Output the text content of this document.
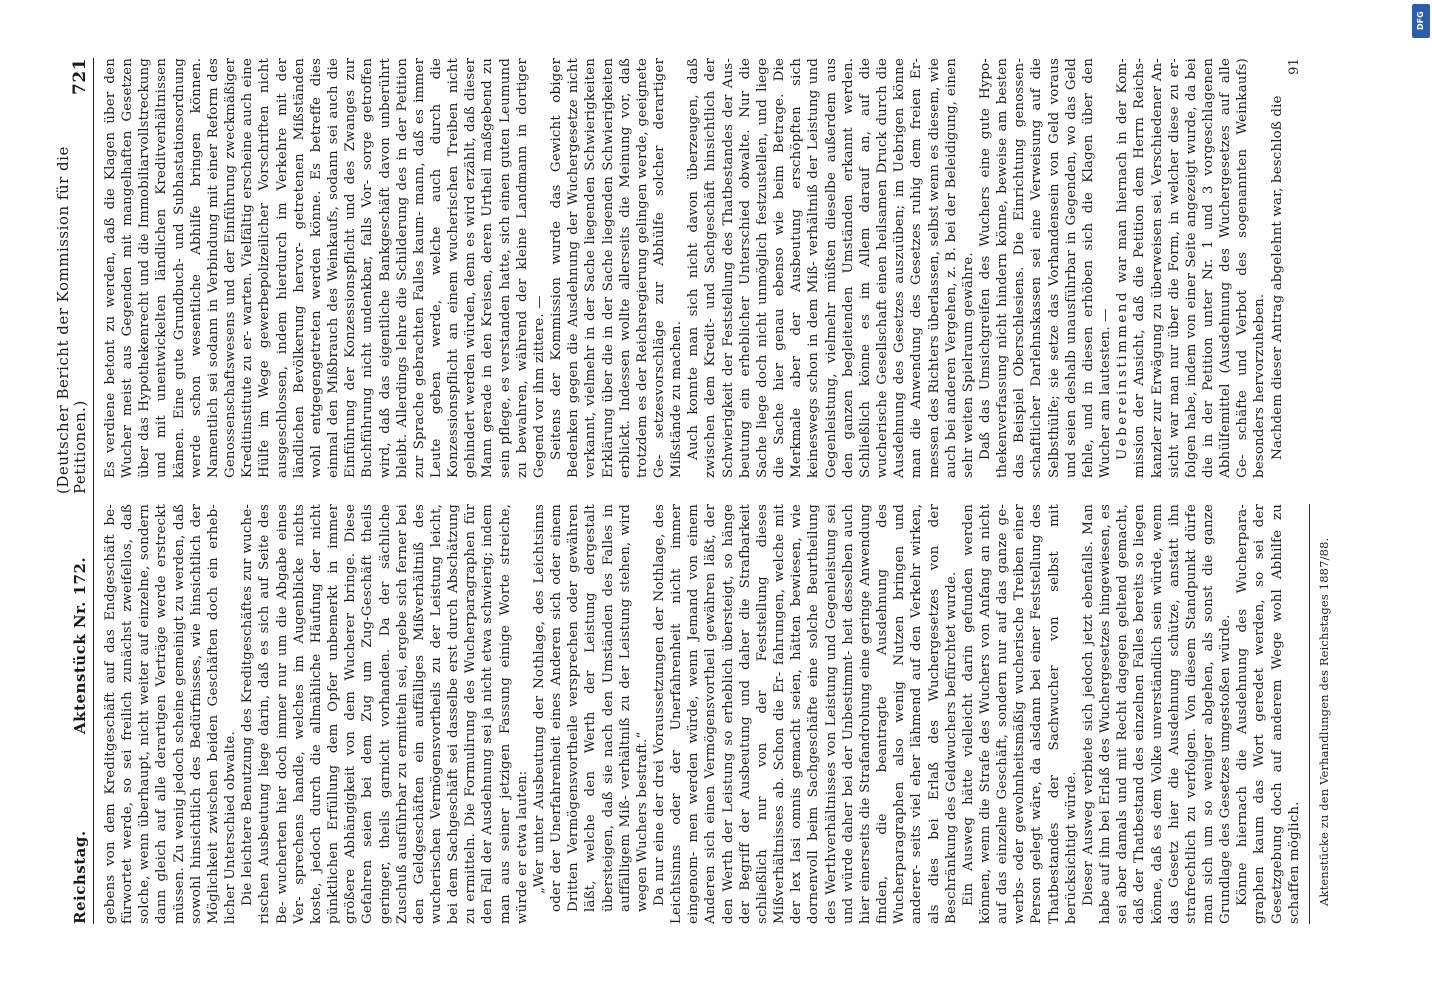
Reichstag.
Aktenstück Nr. 172.
(Deutscher Bericht der Kommission für die Petitionen.)
721

gebens von dem Kreditgeschäft auf das Endgeschäft be- fürwortet werde, so sei freilich zunächst zweifellos, daß solche, wenn überhaupt, nicht weiter auf einzelne, sondern dann gleich auf alle derartigen Verträge werde erstreckt müssen. Zu wenig jedoch scheine gemeinigt zu werden, daß sowohl hinsichtlich des Bedürfnisses, wie hinsichtlich der Möglichkeit zwischen beiden Geschäften doch ein erheb- licher Unterschied obwalte. Die leichtere Benutzung des Kreditgeschäftes zur wuche- rischen Ausbeutung liege darin, daß es sich auf Seite des Be- wucherten hier doch immer nur um die Abgabe eines Ver- sprechens handle, welches im Augenblicke nichts koste, jedoch durch die allmähliche Häufung der nicht pünktlichen Erfüllung dem Opfer unbemerkt in immer größere Abhängigkeit von dem Wucherer bringe. Diese Gefahren seien bei dem Zug um Zug-Geschäft theils geringer, theils garnicht vorhanden. Da der sächliche Zuschuß ausführbar zu ermitteln sei, ergebe sich ferner bei den Geldgeschäften ein auffälliges Mißverhältniß des wucherischen Vermögensvortheils zu der Leistung leicht, bei dem Sachgeschäft sei dasselbe erst durch Abschätzung zu ermitteln. Die Formulirung des Wucherparagraphen für den Fall der Ausdehnung sei ja nicht etwa schwierig; indem man aus seiner jetzigen Fassung einige Worte streiche, würde er etwa lauten: „Wer unter Ausbeutung der Nothlage, des Leichtsinns oder der Unerfahrenheit eines Anderen sich oder einem Dritten Vermögensvortheile versprechen oder gewähren läßt, welche den Werth der Leistung dergestalt übersteigen, daß sie nach den Umständen des Falles in auffälligem Miß- verhältniß zu der Leistung stehen, wird wegen Wuchers bestraft.“ Da nur eine der drei Voraussetzungen der Nothlage, des Leichtsinns oder der Unerfahrenheit nicht immer eingenom- men werden würde, wenn Jemand von einem Anderen sich einen Vermögensvortheil gewähren läßt, der den Werth der Leistung so erheblich übersteigt, so hänge der Begriff der Ausbeutung und daher die Strafbarkeit schließlich nur von der Feststellung dieses Mißverhältnisses ab. Schon die Er- fahrungen, welche mit der lex Iasi omnis gemacht seien, hätten bewiesen, wie dornenvoll beim Sachgeschäfte eine solche Beurtheilung des Werthverhältnisses von Leistung und Gegenleistung sei und würde daher bei der Unbestimmt- heit desselben auch hier einerseits die Strafandrohung eine geringe Anwendung finden, die beantragte Ausdehnung des Wucherparagraphen also wenig Nutzen bringen und anderer- seits viel eher lähmend auf den Verkehr wirken, als dies bei Erlaß des Wuchergesetzes von der Beschränkung des Geldwuchers befürchtet wurde. Ein Ausweg hätte vielleicht darin gefunden werden können, wenn die Strafe des Wuchers von Anfang an nicht auf das einzelne Geschäft, sondern nur auf das ganze ge- werbs- oder gewohnheitsmäßig wucherische Treiben einer Person gelegt wäre, da alsdann bei einer Feststellung des Thatbestandes der Sachwucher von selbst mit berücksichtigt würde. Dieser Ausweg verbiete sich jedoch jetzt ebenfalls. Man habe auf ihn bei Erlaß des Wuchergesetzes hingewiesen, es sei aber damals und mit Recht dagegen geltend gemacht, daß der Thatbestand des einzelnen Falles bereits so liegen könne, daß es dem Volke unverständlich sein würde, wenn das Gesetz hier die Ausdehnung schütze, anstatt ihn strafrechtlich zu verfolgen. Von diesem Standpunkt dürfe man sich um so weniger abgehen, als sonst die ganze Grundlage des Gesetzes umgestoßen würde. Könne hiernach die Ausdehnung des Wucherpara- graphen kaum das Wort geredet werden, so sei der Gesetzgebung doch auf anderem Wege wohl Abhilfe zu schaffen möglich. Aktenstücke zu den Verhandlungen des Reichstages 1887/88.

Es verdiene betont zu werden, daß die Klagen über den Wucher meist aus Gegenden mit mangelhaften Gesetzen über das Hypothekenrecht und die Immobiliarvollstreckung und mit unentwickelten ländlichen Kreditverhältnissen kämen. Eine gute Grundbuch- und Subhastationsordnung werde schon wesentliche Abhilfe bringen können. Namentlich sei sodann in Verbindung mit einer Reform des Genossenschaftswesens und der Einführung zweckmäßiger Kreditinstitute zu er- warten. Vielfältig erscheine auch eine Hülfe im Wege gewerbepolizeilicher Vorschriften nicht ausgeschlossen, indem hierdurch im Verkehre mit der ländlichen Bevölkerung hervor- getretenen Mißständen wohl entgegengetreten werden könne. Es betreffe dies einmal den Mißbrauch des Weinkaufs, sodann sei auch die Einführung der Konzessionspflicht und des Zwanges zur Buchführung nicht undenkbar, falls Vor- sorge getroffen wird, daß das eigentliche Bankgeschäft davon unberührt bleibt. Allerdings lehre die Schilderung des in der Petition zur Sprache gebrachten Falles kaum- mann, daß es immer Leute geben werde, welche auch durch die Konzessionspflicht an einem wucherischen Treiben nicht gehindert werden würden, denn es wird erzählt, daß dieser Mann gerade in den Kreisen, deren Urtheil maßgebend zu sein pflege, es verstanden hatte, sich einen guten Leumund zu bewahren, während der kleine Landmann in dortiger Gegend vor ihm zittere. — Seitens der Kommission wurde das Gewicht obiger Bedenken gegen die Ausdehnung der Wuchergesetze nicht verkannt, vielmehr in der Sache liegenden Schwierigkeiten Erklärung über die in der Sache liegenden Schwierigkeiten erblickt. Indessen wollte allerseits die Meinung vor, daß trotzdem es der Reichsregierung gelingen werde, geeignete Ge- setzesvorschläge zur Abhülfe solcher derartiger Mißstände zu machen. Auch konnte man sich nicht davon überzeugen, daß zwischen dem Kredit- und Sachgeschäft hinsichtlich der Schwierigkeit der Feststellung des Thatbestandes der Aus- beutung ein erheblicher Unterschied obwalte. Nur die Sache liege doch nicht unmöglich festzustellen, und liege die Sache hier genau ebenso wie beim Betrage. Die Merkmale aber der Ausbeutung erschöpften sich keineswegs schon in dem Miß- verhältniß der Leistung und Gegenleistung, vielmehr müßten dieselbe außerdem aus den ganzen begleitenden Umständen erkannt werden. Schließlich könne es im Allem darauf an, auf die wucherische Gesellschaft einen heilsamen Druck durch die Ausdehnung des Gesetzes auszuüben; im Uebrigen könne man die Anwendung des Gesetzes ruhig dem freien Er- messen des Richters überlassen, selbst wenn es diesem, wie auch bei anderen Vergehen, z. B. bei der Beleidigung, einen sehr weiten Spielraum gewähre. Daß das Umsichgreifen des Wuchers eine gute Hypo- thekenverfassung nicht hindern könne, beweise am besten das Beispiel Oberschlesiens. Die Einrichtung genossen- schaftlicher Darlehnskassen sei eine Verweisung auf die Selbsthülfe; sie setze das Vorhandensein von Geld voraus und seien deshalb unausführbar in Gegenden, wo das Geld fehle, und in diesen erhöben sich die Klagen über den Wucher am lautesten. — Uebereinstimmend war man hiernach in der Kom- mission der Ansicht, daß die Petition dem Herrn Reichs- kanzler zur Erwägung zu überweisen sei. Verschiedener An- sicht war man nur über die Form, in welcher diese zu er- folgen habe, indem von einer Seite angezeigt wurde, da bei die in der Petition unter Nr. 1 und 3 vorgeschlagenen Abhülfemittel (Ausdehnung des Wuchergesetzes auf alle Ge- schäfte und Verbot des sogenannten Weinkaufs) besonders hervorzuheben. Nachdem dieser Antrag abgelehnt war, beschloß die

91
DFG
